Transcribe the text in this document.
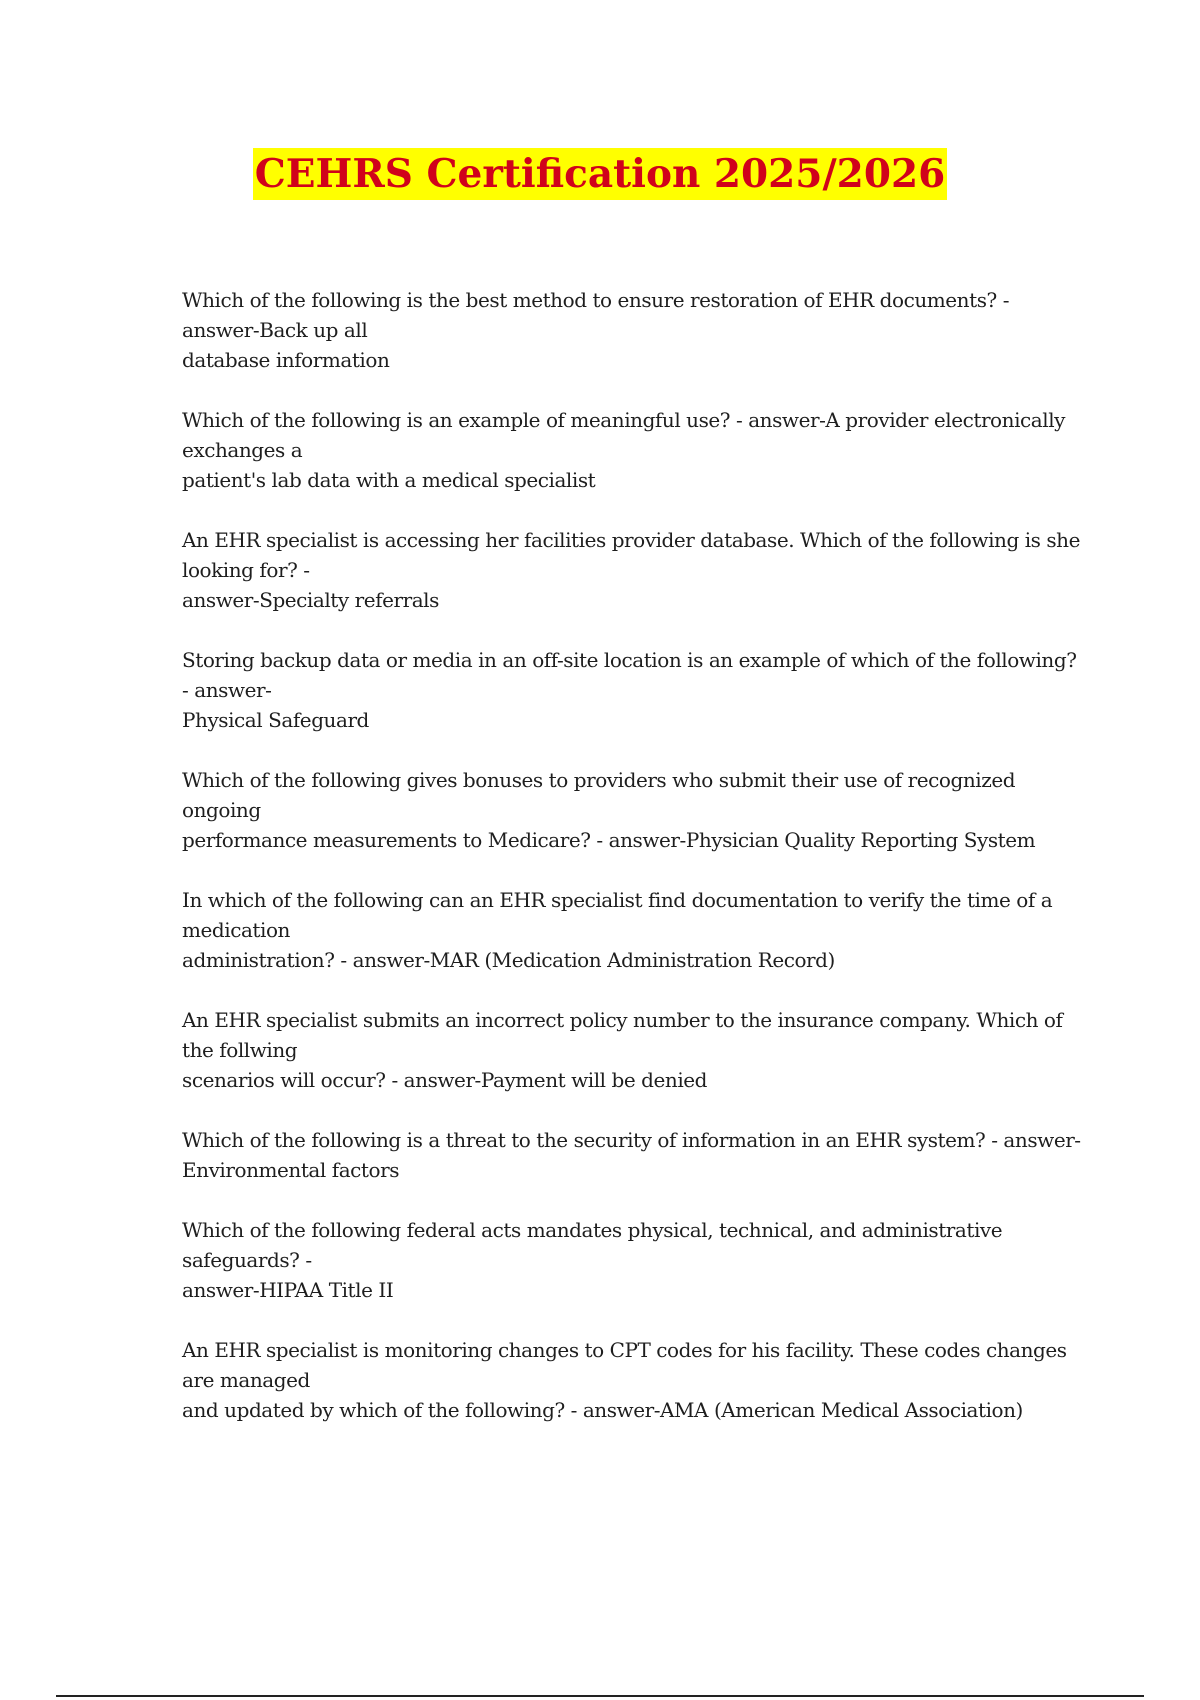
CEHRS Certification 2025/2026
Which of the following is the best method to ensure restoration of EHR documents? -
answer-Back up all
database information
Which of the following is an example of meaningful use? - answer-A provider electronically
exchanges a
patient's lab data with a medical specialist
An EHR specialist is accessing her facilities provider database. Which of the following is she
looking for? -
answer-Specialty referrals
Storing backup data or media in an off-site location is an example of which of the following?
- answer-
Physical Safeguard
Which of the following gives bonuses to providers who submit their use of recognized
ongoing
performance measurements to Medicare? - answer-Physician Quality Reporting System
In which of the following can an EHR specialist find documentation to verify the time of a
medication
administration? - answer-MAR (Medication Administration Record)
An EHR specialist submits an incorrect policy number to the insurance company. Which of
the follwing
scenarios will occur? - answer-Payment will be denied
Which of the following is a threat to the security of information in an EHR system? - answer-
Environmental factors
Which of the following federal acts mandates physical, technical, and administrative
safeguards? -
answer-HIPAA Title II
An EHR specialist is monitoring changes to CPT codes for his facility. These codes changes
are managed
and updated by which of the following? - answer-AMA (American Medical Association)
